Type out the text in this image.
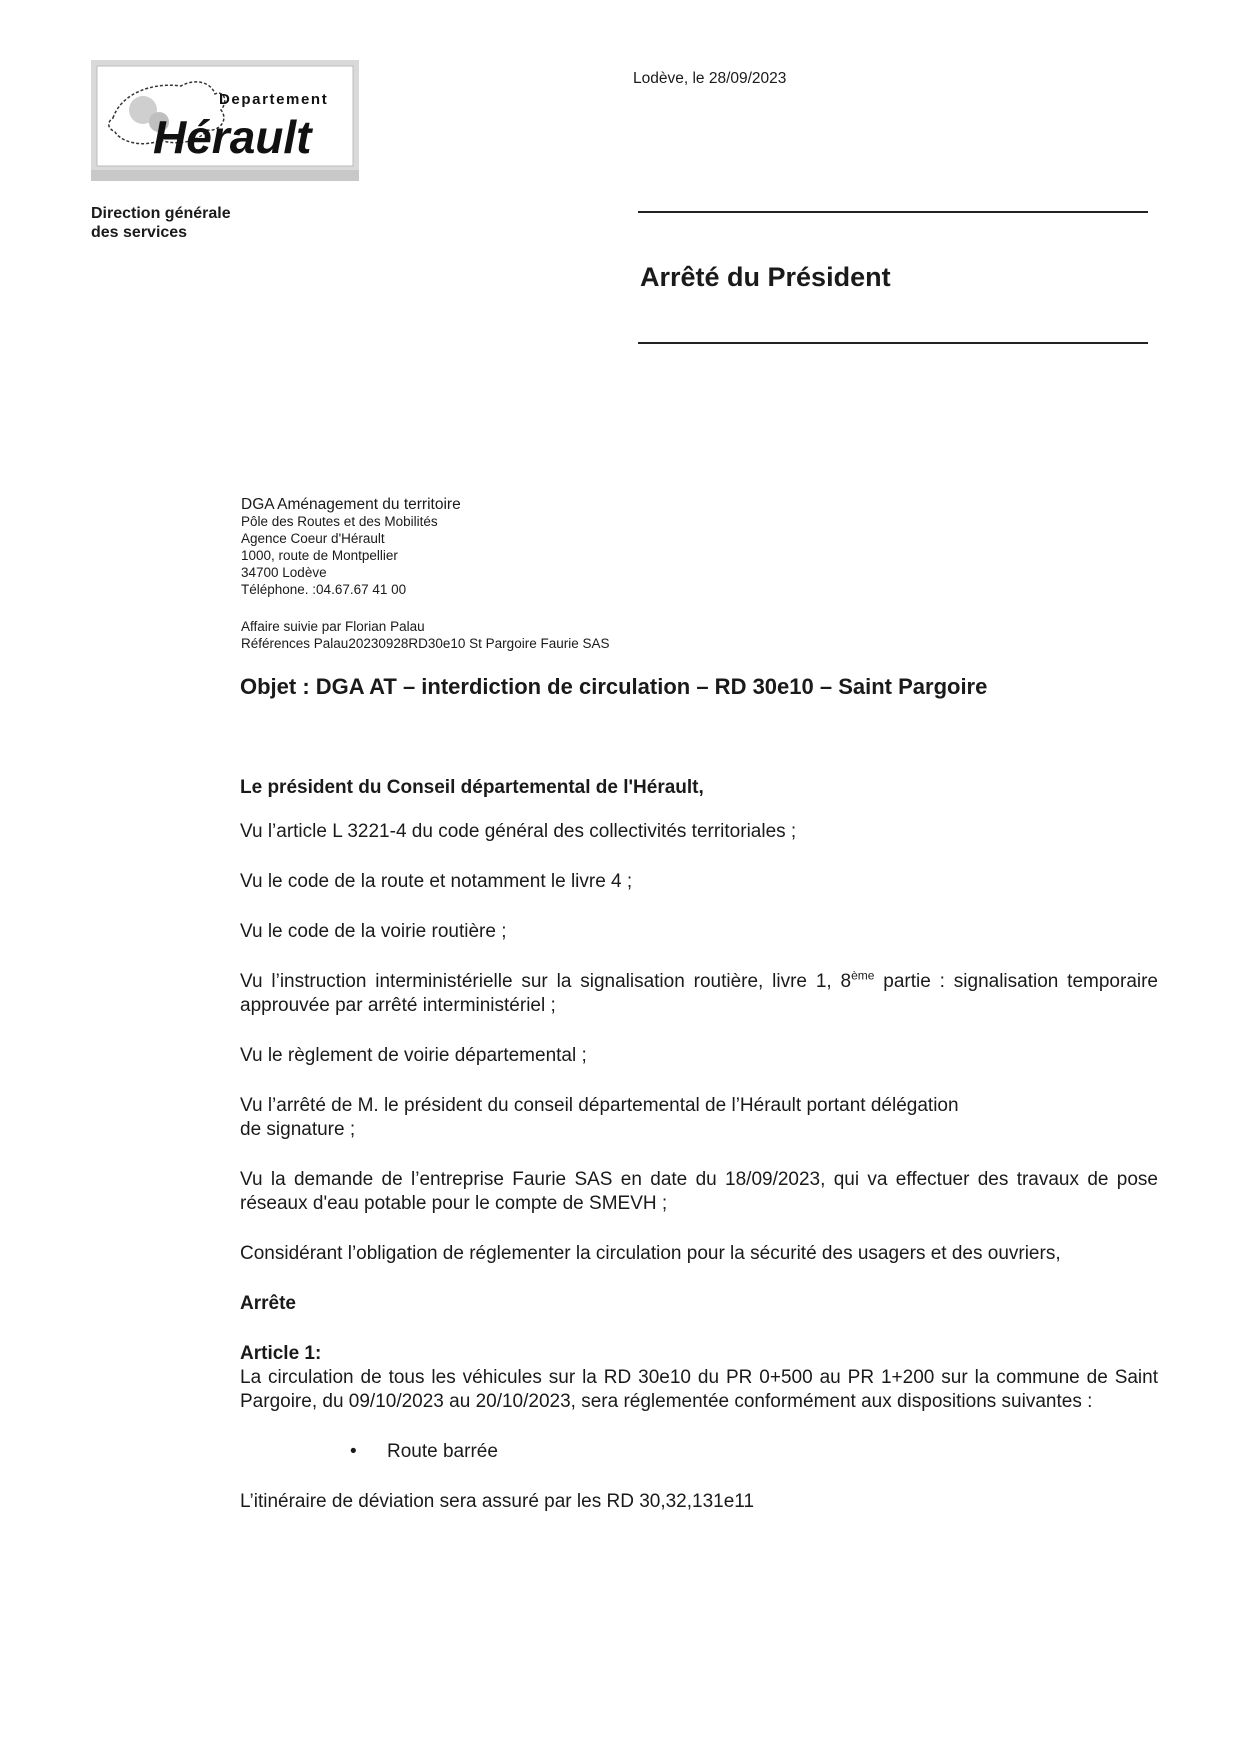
Departement
Hérault
Direction générale
des services
Lodève, le 28/09/2023
Arrêté du Président
DGA Aménagement du territoire
Pôle des Routes et des Mobilités
Agence Coeur d'Hérault
1000, route de Montpellier
34700 Lodève
Téléphone. :04.67.67 41 00
Affaire suivie par Florian Palau
Références Palau20230928RD30e10 St Pargoire Faurie SAS
Objet : DGA AT – interdiction de circulation – RD 30e10 – Saint Pargoire

Le président du Conseil départemental de l'Hérault,

Vu l’article L 3221-4 du code général des collectivités territoriales ;

Vu le code de la route et notamment le livre 4 ;

Vu le code de la voirie routière ;

Vu l’instruction interministérielle sur la signalisation routière, livre 1, 8ème partie : signalisation temporaire approuvée par arrêté interministériel ;

Vu le règlement de voirie départemental ;

Vu l’arrêté de M. le président du conseil départemental de l’Hérault portant délégation
de signature ;

Vu la demande de l’entreprise Faurie SAS en date du 18/09/2023, qui va effectuer des travaux de pose réseaux d'eau potable pour le compte de SMEVH ;

Considérant l’obligation de réglementer la circulation pour la sécurité des usagers et des ouvriers,

Arrête

Article 1:

La circulation de tous les véhicules sur la RD 30e10 du PR 0+500 au PR 1+200 sur la commune de Saint Pargoire, du 09/10/2023 au 20/10/2023, sera réglementée conformément aux dispositions suivantes :

• Route barrée

L’itinéraire de déviation sera assuré par les RD 30,32,131e11
